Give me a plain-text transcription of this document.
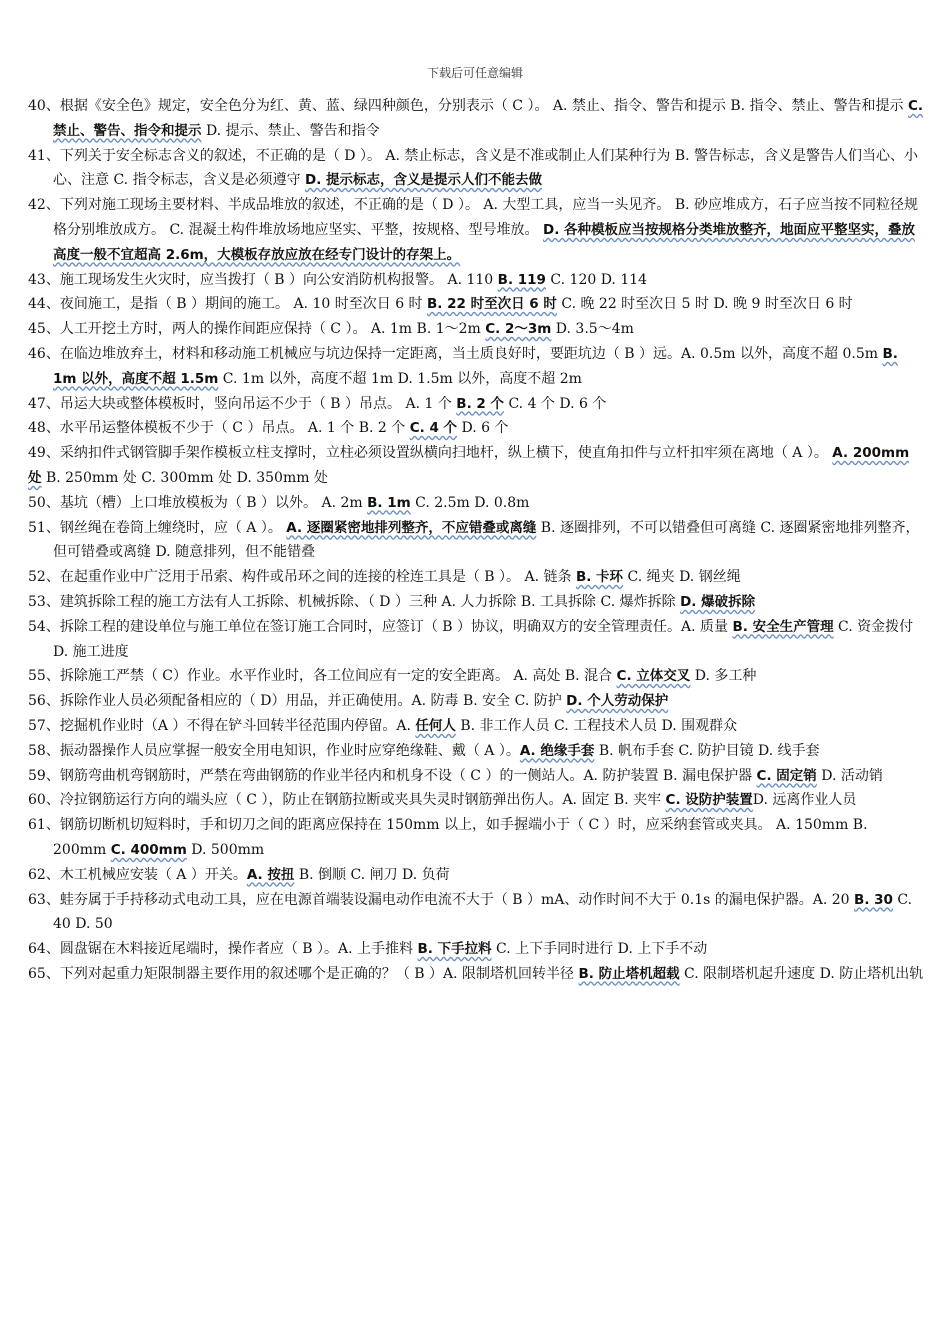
下载后可任意编辑

40、根据《安全色》规定，安全色分为红、黄、蓝、绿四种颜色，分别表示（ C ）。 A. 禁止、指令、警告和提示 B. 指令、禁止、警告和提示 C. 禁止、警告、指令和提示 D. 提示、禁止、警告和指令

41、下列关于安全标志含义的叙述，不正确的是（ D ）。 A. 禁止标志，含义是不准或制止人们某种行为 B. 警告标志，含义是警告人们当心、小心、注意 C. 指令标志，含义是必须遵守 D. 提示标志，含义是提示人们不能去做

42、下列对施工现场主要材料、半成品堆放的叙述，不正确的是（ D ）。 A. 大型工具，应当一头见齐。 B. 砂应堆成方，石子应当按不同粒径规格分别堆放成方。 C. 混凝土构件堆放场地应坚实、平整，按规格、型号堆放。 D. 各种模板应当按规格分类堆放整齐，地面应平整坚实，叠放高度一般不宜超高 2.6m，大模板存放应放在经专门设计的存架上。

43、施工现场发生火灾时，应当拨打（ B ）向公安消防机构报警。 A. 110 B. 119 C. 120 D. 114

44、夜间施工，是指（ B ）期间的施工。 A. 10 时至次日 6 时 B. 22 时至次日 6 时 C. 晚 22 时至次日 5 时 D. 晚 9 时至次日 6 时

45、人工开挖土方时，两人的操作间距应保持（ C ）。 A. 1m B. 1～2m C. 2～3m D. 3.5～4m

46、在临边堆放弃土，材料和移动施工机械应与坑边保持一定距离，当土质良好时，要距坑边（ B ）远。A. 0.5m 以外，高度不超 0.5m B. 1m 以外，高度不超 1.5m C. 1m 以外，高度不超 1m D. 1.5m 以外，高度不超 2m

47、吊运大块或整体模板时，竖向吊运不少于（ B ）吊点。 A. 1 个 B. 2 个 C. 4 个 D. 6 个

48、水平吊运整体模板不少于（ C ）吊点。 A. 1 个 B. 2 个 C. 4 个 D. 6 个

49、采纳扣件式钢管脚手架作模板立柱支撑时，立柱必须设置纵横向扫地杆，纵上横下，使直角扣件与立杆扣牢须在离地（ A ）。 A. 200mm 处 B. 250mm 处 C. 300mm 处 D. 350mm 处

50、基坑（槽）上口堆放模板为（ B ）以外。 A. 2m B. 1m C. 2.5m D. 0.8m

51、钢丝绳在卷筒上缠绕时，应（ A ）。 A. 逐圈紧密地排列整齐，不应错叠或离缝 B. 逐圈排列，不可以错叠但可离缝 C. 逐圈紧密地排列整齐，但可错叠或离缝 D. 随意排列，但不能错叠

52、在起重作业中广泛用于吊索、构件或吊环之间的连接的栓连工具是（ B ）。 A. 链条 B. 卡环 C. 绳夹 D. 钢丝绳

53、建筑拆除工程的施工方法有人工拆除、机械拆除、（ D ）三种 A. 人力拆除 B. 工具拆除 C. 爆炸拆除 D. 爆破拆除

54、拆除工程的建设单位与施工单位在签订施工合同时，应签订（ B ）协议，明确双方的安全管理责任。A. 质量 B. 安全生产管理 C. 资金拨付 D. 施工进度

55、拆除施工严禁（ C）作业。水平作业时，各工位间应有一定的安全距离。 A. 高处 B. 混合 C. 立体交叉 D. 多工种

56、拆除作业人员必须配备相应的（ D）用品，并正确使用。A. 防毒 B. 安全 C. 防护 D. 个人劳动保护

57、挖掘机作业时（A ）不得在铲斗回转半径范围内停留。A. 任何人 B. 非工作人员 C. 工程技术人员 D. 围观群众

58、振动器操作人员应掌握一般安全用电知识，作业时应穿绝缘鞋、戴（ A ）。A. 绝缘手套 B. 帆布手套 C. 防护目镜 D. 线手套

59、钢筋弯曲机弯钢筋时，严禁在弯曲钢筋的作业半径内和机身不设（ C ）的一侧站人。A. 防护装置 B. 漏电保护器 C. 固定销 D. 活动销

60、冷拉钢筋运行方向的端头应（ C ），防止在钢筋拉断或夹具失灵时钢筋弹出伤人。A. 固定 B. 夹牢 C. 设防护装置D. 远离作业人员

61、钢筋切断机切短料时，手和切刀之间的距离应保持在 150mm 以上，如手握端小于（ C ）时，应采纳套管或夹具。 A. 150mm B. 200mm C. 400mm D. 500mm

62、木工机械应安装（ A ）开关。A. 按扭 B. 倒顺 C. 闸刀 D. 负荷

63、蛙夯属于手持移动式电动工具，应在电源首端装设漏电动作电流不大于（ B ）mA、动作时间不大于 0.1s 的漏电保护器。A. 20 B. 30 C. 40 D. 50

64、圆盘锯在木料接近尾端时，操作者应（ B ）。A. 上手推料 B. 下手拉料 C. 上下手同时进行 D. 上下手不动

65、下列对起重力矩限制器主要作用的叙述哪个是正确的？（ B ）A. 限制塔机回转半径 B. 防止塔机超载 C. 限制塔机起升速度 D. 防止塔机出轨
